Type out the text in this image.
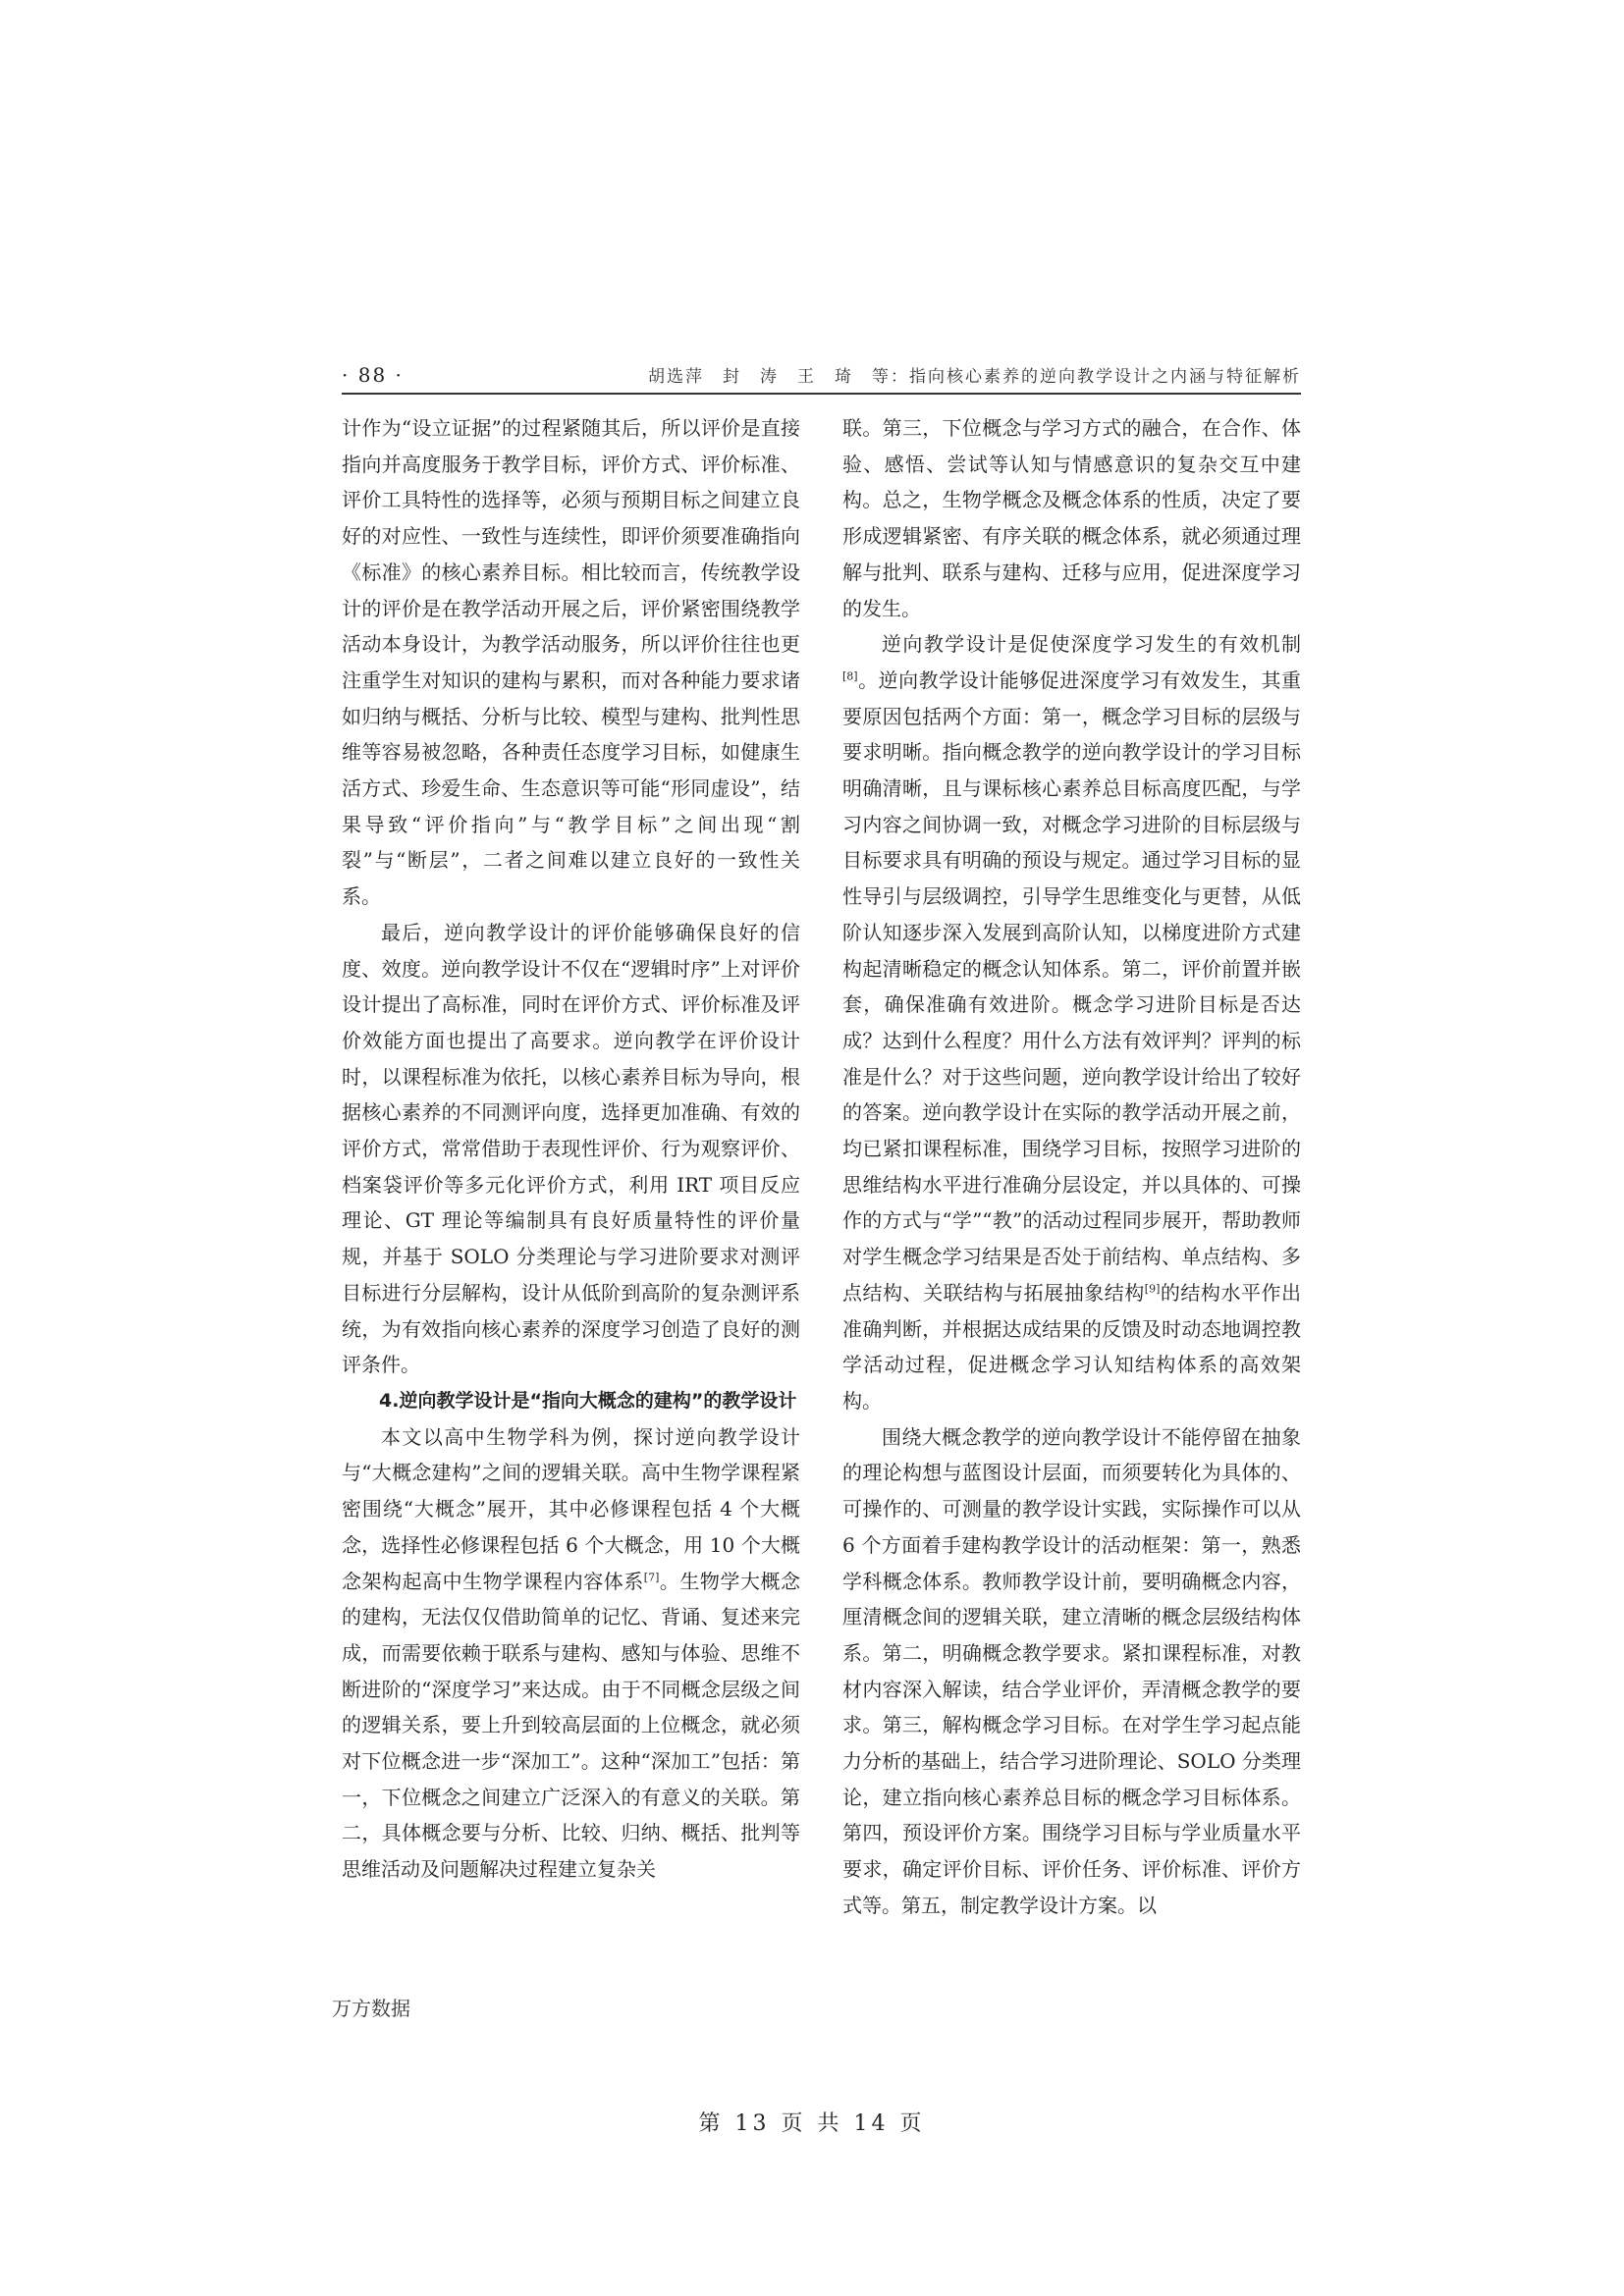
· 88 ·	胡选萍　封　涛　王　琦　等：指向核心素养的逆向教学设计之内涵与特征解析

计作为“设立证据”的过程紧随其后，所以评价是直接指向并高度服务于教学目标，评价方式、评价标准、评价工具特性的选择等，必须与预期目标之间建立良好的对应性、一致性与连续性，即评价须要准确指向《标准》的核心素养目标。相比较而言，传统教学设计的评价是在教学活动开展之后，评价紧密围绕教学活动本身设计，为教学活动服务，所以评价往往也更注重学生对知识的建构与累积，而对各种能力要求诸如归纳与概括、分析与比较、模型与建构、批判性思维等容易被忽略，各种责任态度学习目标，如健康生活方式、珍爱生命、生态意识等可能“形同虚设”，结果导致“评价指向”与“教学目标”之间出现“割裂”与“断层”，二者之间难以建立良好的一致性关系。

最后，逆向教学设计的评价能够确保良好的信度、效度。逆向教学设计不仅在“逻辑时序”上对评价设计提出了高标准，同时在评价方式、评价标准及评价效能方面也提出了高要求。逆向教学在评价设计时，以课程标准为依托，以核心素养目标为导向，根据核心素养的不同测评向度，选择更加准确、有效的评价方式，常常借助于表现性评价、行为观察评价、档案袋评价等多元化评价方式，利用 IRT 项目反应理论、GT 理论等编制具有良好质量特性的评价量规，并基于 SOLO 分类理论与学习进阶要求对测评目标进行分层解构，设计从低阶到高阶的复杂测评系统，为有效指向核心素养的深度学习创造了良好的测评条件。

4.逆向教学设计是“指向大概念的建构”的教学设计

本文以高中生物学科为例，探讨逆向教学设计与“大概念建构”之间的逻辑关联。高中生物学课程紧密围绕“大概念”展开，其中必修课程包括 4 个大概念，选择性必修课程包括 6 个大概念，用 10 个大概念架构起高中生物学课程内容体系[7]。生物学大概念的建构，无法仅仅借助简单的记忆、背诵、复述来完成，而需要依赖于联系与建构、感知与体验、思维不断进阶的“深度学习”来达成。由于不同概念层级之间的逻辑关系，要上升到较高层面的上位概念，就必须对下位概念进一步“深加工”。这种“深加工”包括：第一，下位概念之间建立广泛深入的有意义的关联。第二，具体概念要与分析、比较、归纳、概括、批判等思维活动及问题解决过程建立复杂关

联。第三，下位概念与学习方式的融合，在合作、体验、感悟、尝试等认知与情感意识的复杂交互中建构。总之，生物学概念及概念体系的性质，决定了要形成逻辑紧密、有序关联的概念体系，就必须通过理解与批判、联系与建构、迁移与应用，促进深度学习的发生。

逆向教学设计是促使深度学习发生的有效机制[8]。逆向教学设计能够促进深度学习有效发生，其重要原因包括两个方面：第一，概念学习目标的层级与要求明晰。指向概念教学的逆向教学设计的学习目标明确清晰，且与课标核心素养总目标高度匹配，与学习内容之间协调一致，对概念学习进阶的目标层级与目标要求具有明确的预设与规定。通过学习目标的显性导引与层级调控，引导学生思维变化与更替，从低阶认知逐步深入发展到高阶认知，以梯度进阶方式建构起清晰稳定的概念认知体系。第二，评价前置并嵌套，确保准确有效进阶。概念学习进阶目标是否达成？达到什么程度？用什么方法有效评判？评判的标准是什么？对于这些问题，逆向教学设计给出了较好的答案。逆向教学设计在实际的教学活动开展之前，均已紧扣课程标准，围绕学习目标，按照学习进阶的思维结构水平进行准确分层设定，并以具体的、可操作的方式与“学”“教”的活动过程同步展开，帮助教师对学生概念学习结果是否处于前结构、单点结构、多点结构、关联结构与拓展抽象结构[9]的结构水平作出准确判断，并根据达成结果的反馈及时动态地调控教学活动过程，促进概念学习认知结构体系的高效架构。

围绕大概念教学的逆向教学设计不能停留在抽象的理论构想与蓝图设计层面，而须要转化为具体的、可操作的、可测量的教学设计实践，实际操作可以从 6 个方面着手建构教学设计的活动框架：第一，熟悉学科概念体系。教师教学设计前，要明确概念内容，厘清概念间的逻辑关联，建立清晰的概念层级结构体系。第二，明确概念教学要求。紧扣课程标准，对教材内容深入解读，结合学业评价，弄清概念教学的要求。第三，解构概念学习目标。在对学生学习起点能力分析的基础上，结合学习进阶理论、SOLO 分类理论，建立指向核心素养总目标的概念学习目标体系。第四，预设评价方案。围绕学习目标与学业质量水平要求，确定评价目标、评价任务、评价标准、评价方式等。第五，制定教学设计方案。以

万方数据
第 13 页 共 14 页
